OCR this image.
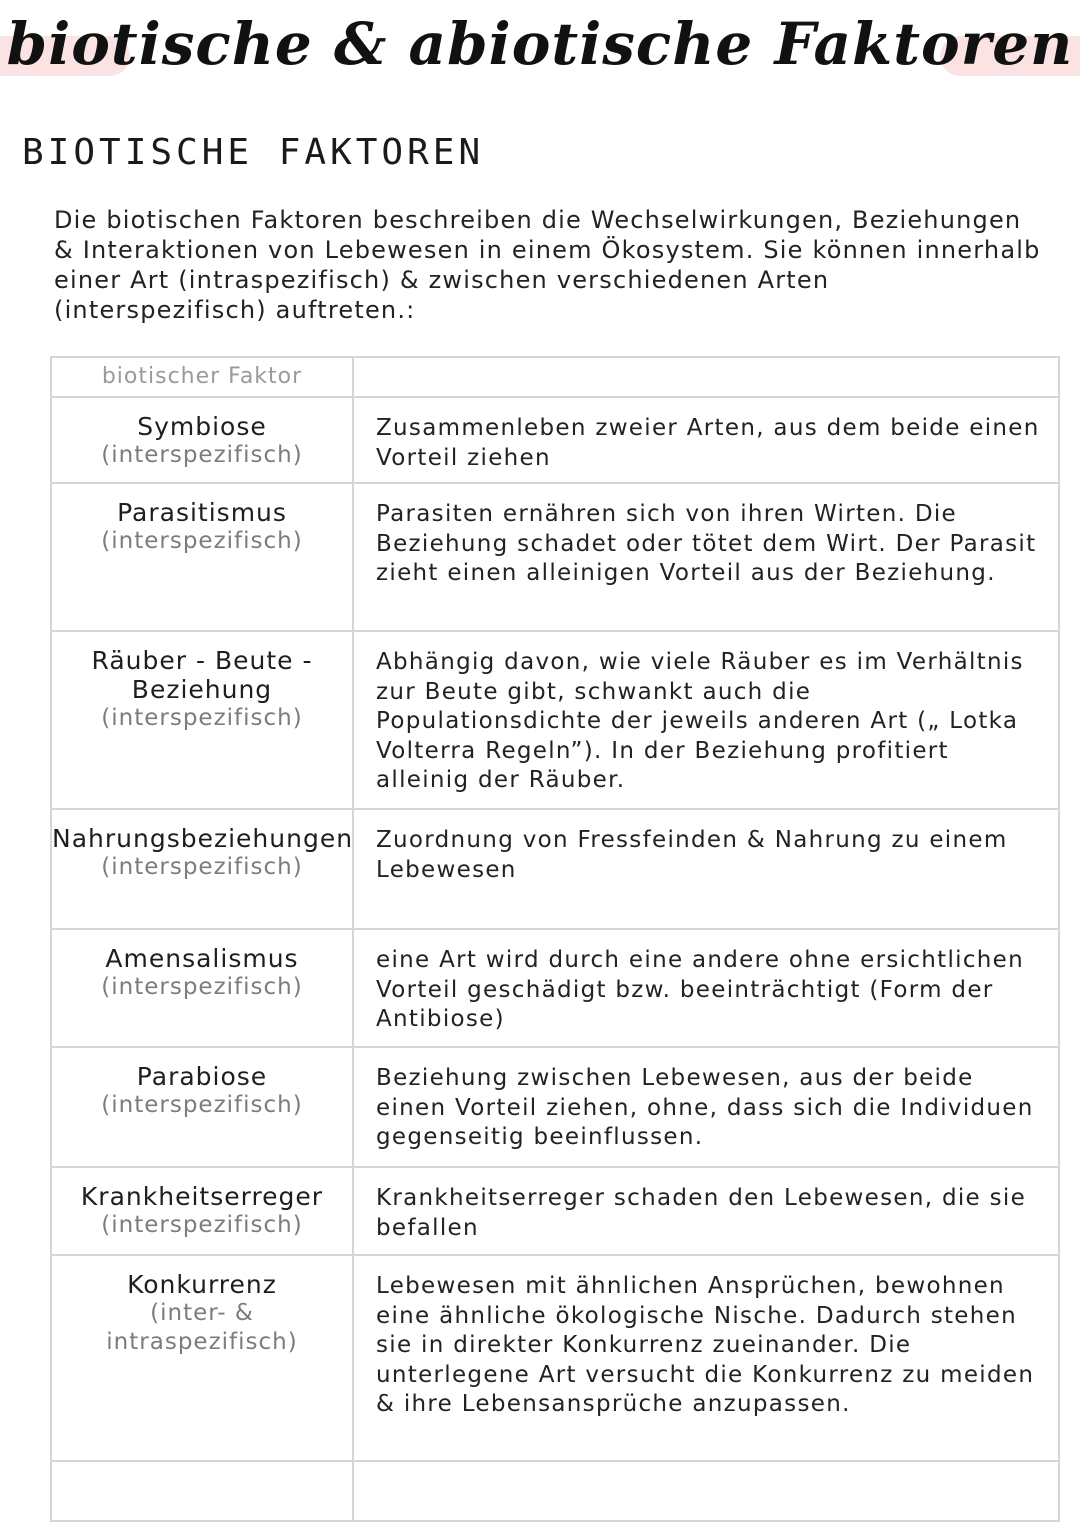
biotische & abiotische Faktoren
BIOTISCHE FAKTOREN
Die biotischen Faktoren beschreiben die Wechselwirkungen, Beziehungen & Interaktionen von Lebewesen in einem Ökosystem. Sie können innerhalb einer Art (intraspezifisch) & zwischen verschiedenen Arten (interspezifisch) auftreten.:
biotischer Faktor	

Symbiose
(interspezifisch)	Zusammenleben zweier Arten, aus dem beide einen Vorteil ziehen

Parasitismus
(interspezifisch)	Parasiten ernähren sich von ihren Wirten. Die Beziehung schadet oder tötet dem Wirt. Der Parasit zieht einen alleinigen Vorteil aus der Beziehung.

Räuber - Beute - Beziehung
(interspezifisch)	Abhängig davon, wie viele Räuber es im Verhältnis zur Beute gibt, schwankt auch die Populationsdichte der jeweils anderen Art („ Lotka Volterra Regeln”). In der Beziehung profitiert alleinig der Räuber.

Nahrungsbeziehungen
(interspezifisch)	Zuordnung von Fressfeinden & Nahrung zu einem Lebewesen

Amensalismus
(interspezifisch)	eine Art wird durch eine andere ohne ersichtlichen Vorteil geschädigt bzw. beeinträchtigt (Form der Antibiose)

Parabiose
(interspezifisch)	Beziehung zwischen Lebewesen, aus der beide einen Vorteil ziehen, ohne, dass sich die Individuen gegenseitig beeinflussen.

Krankheitserreger
(interspezifisch)	Krankheitserreger schaden den Lebewesen, die sie befallen

Konkurrenz
(inter- & intraspezifisch)	Lebewesen mit ähnlichen Ansprüchen, bewohnen eine ähnliche ökologische Nische. Dadurch stehen sie in direkter Konkurrenz zueinander. Die unterlegene Art versucht die Konkurrenz zu meiden & ihre Lebensansprüche anzupassen.
